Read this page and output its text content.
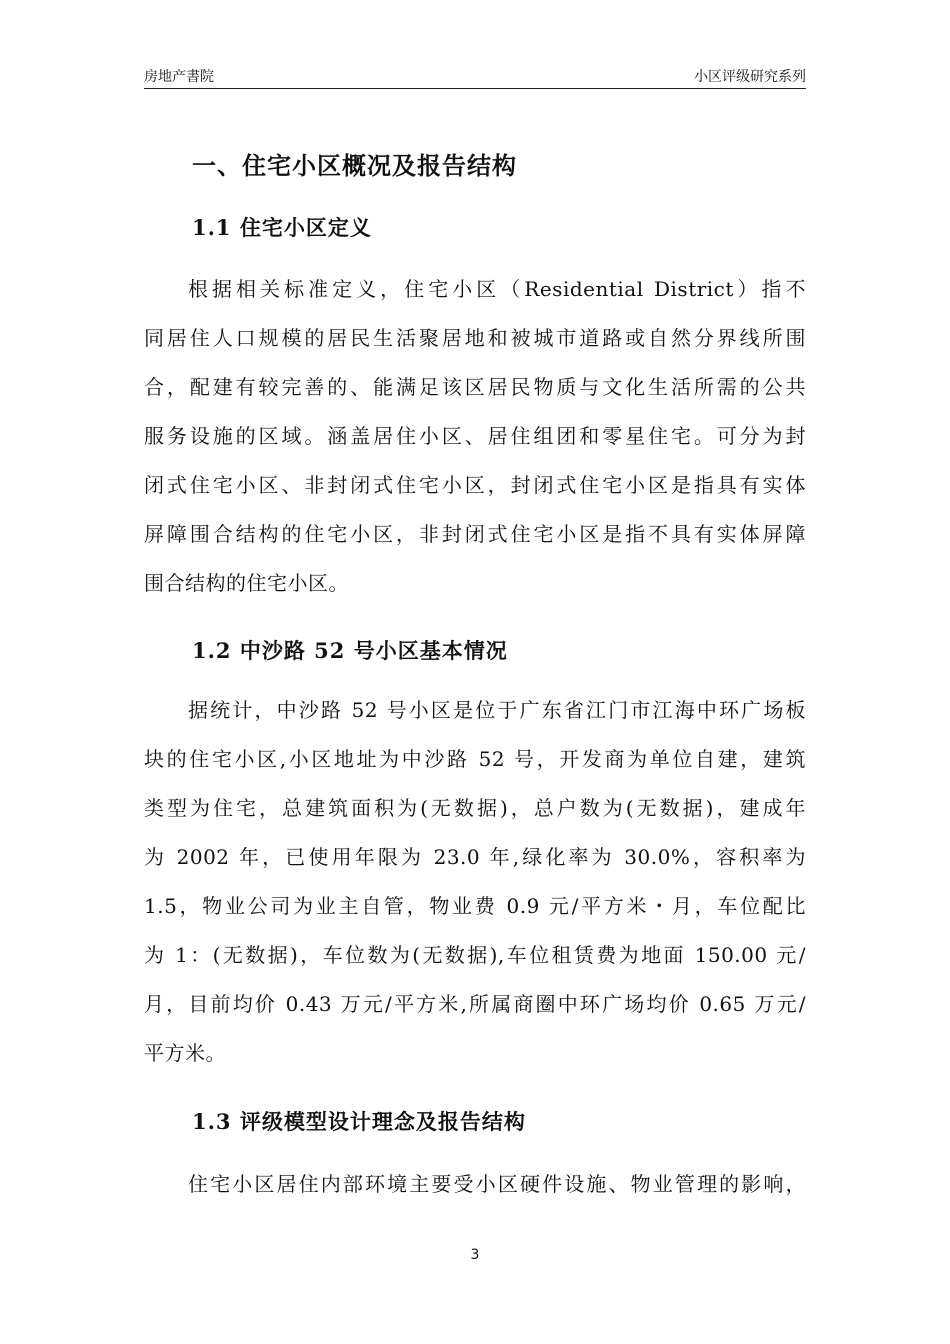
房地产書院	小区评级研究系列
一、住宅小区概况及报告结构
1.1 住宅小区定义
根据相关标准定义，住宅小区（Residential District）指不
同居住人口规模的居民生活聚居地和被城市道路或自然分界线所围
合，配建有较完善的、能满足该区居民物质与文化生活所需的公共
服务设施的区域。涵盖居住小区、居住组团和零星住宅。可分为封
闭式住宅小区、非封闭式住宅小区，封闭式住宅小区是指具有实体
屏障围合结构的住宅小区，非封闭式住宅小区是指不具有实体屏障
围合结构的住宅小区。
1.2 中沙路 52 号小区基本情况
据统计，中沙路 52 号小区是位于广东省江门市江海中环广场板
块的住宅小区,小区地址为中沙路 52 号，开发商为单位自建，建筑
类型为住宅，总建筑面积为(无数据)，总户数为(无数据)，建成年
为 2002 年，已使用年限为 23.0 年,绿化率为 30.0%，容积率为
1.5，物业公司为业主自管，物业费 0.9 元/平方米・月，车位配比
为 1：(无数据)，车位数为(无数据),车位租赁费为地面 150.00 元/
月，目前均价 0.43 万元/平方米,所属商圈中环广场均价 0.65 万元/
平方米。
1.3 评级模型设计理念及报告结构
住宅小区居住内部环境主要受小区硬件设施、物业管理的影响，
3
